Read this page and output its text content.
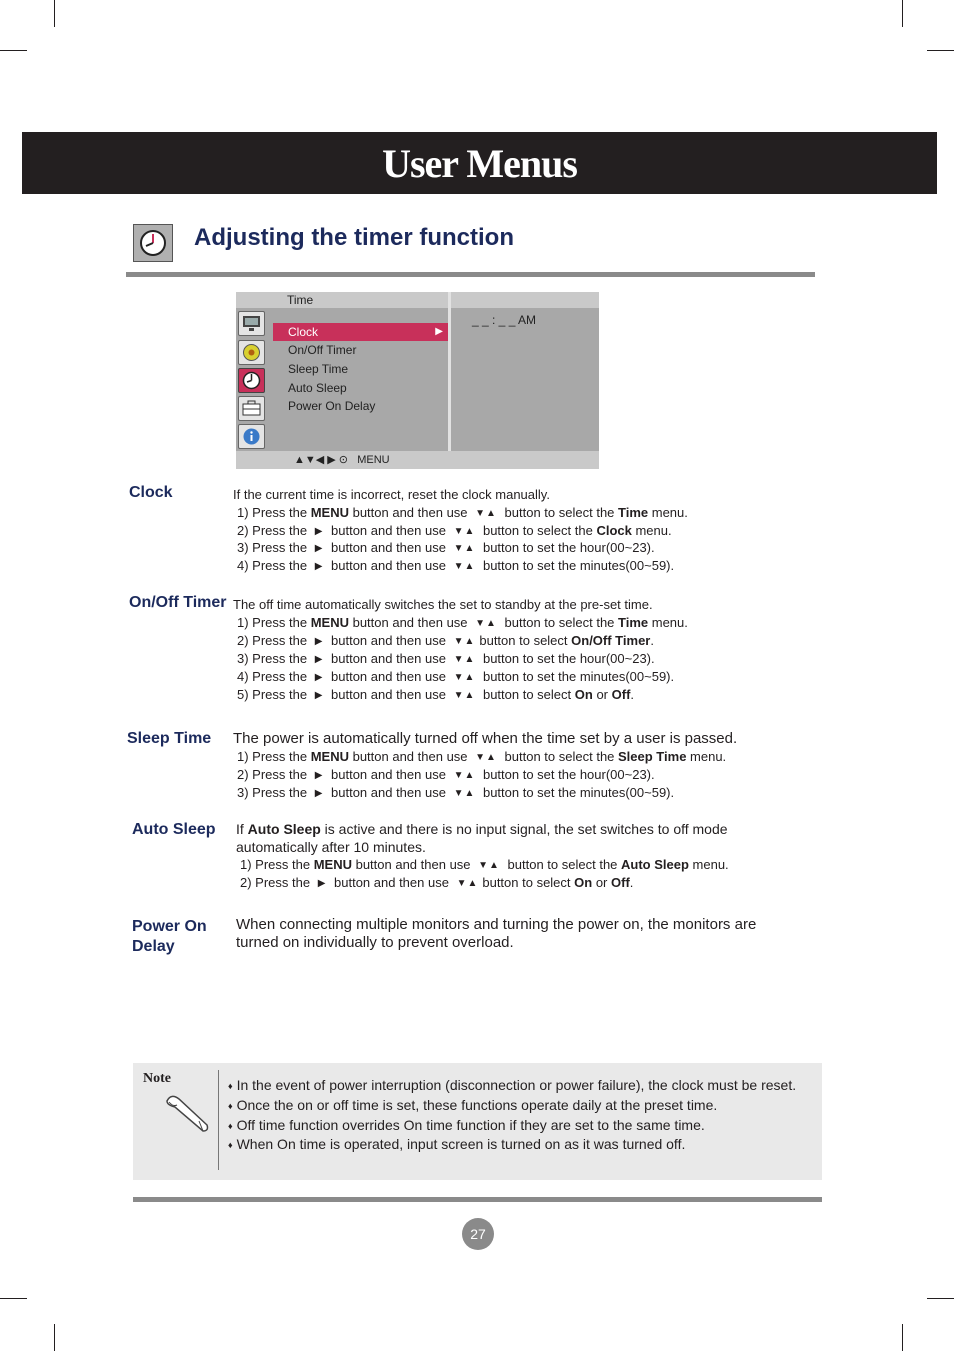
User Menus
Adjusting the timer function
Time
Clock	▶
On/Off Timer
Sleep Time
Auto Sleep
Power On Delay
_ _ : _ _ AM
▲▼◀ ▶ ⊙ MENU
Clock	If the current time is incorrect, reset the clock manually.
1) Press the MENU button and then use ▼▲ button to select the Time menu.
2) Press the ▶ button and then use ▼▲ button to select the Clock menu.
3) Press the ▶ button and then use ▼▲ button to set the hour(00~23).
4) Press the ▶ button and then use ▼▲ button to set the minutes(00~59).
On/Off Timer The off time automatically switches the set to standby at the pre-set time.
1) Press the MENU button and then use ▼▲ button to select the Time menu.
2) Press the ▶ button and then use ▼▲ button to select On/Off Timer.
3) Press the ▶ button and then use ▼▲ button to set the hour(00~23).
4) Press the ▶ button and then use ▼▲ button to set the minutes(00~59).
5) Press the ▶ button and then use ▼▲ button to select On or Off.
Sleep Time The power is automatically turned off when the time set by a user is passed.
1) Press the MENU button and then use ▼▲ button to select the Sleep Time menu.
2) Press the ▶ button and then use ▼▲ button to set the hour(00~23).
3) Press the ▶ button and then use ▼▲ button to set the minutes(00~59).
Auto Sleep If Auto Sleep is active and there is no input signal, the set switches to off mode
automatically after 10 minutes.
1) Press the MENU button and then use ▼▲ button to select the Auto Sleep menu.
2) Press the ▶ button and then use ▼▲ button to select On or Off.
Power On
Delay
When connecting multiple monitors and turning the power on, the monitors are
turned on individually to prevent overload.
Note
♦ In the event of power interruption (disconnection or power failure), the clock must be reset.
♦ Once the on or off time is set, these functions operate daily at the preset time.
♦ Off time function overrides On time function if they are set to the same time.
♦ When On time is operated, input screen is turned on as it was turned off.
27
